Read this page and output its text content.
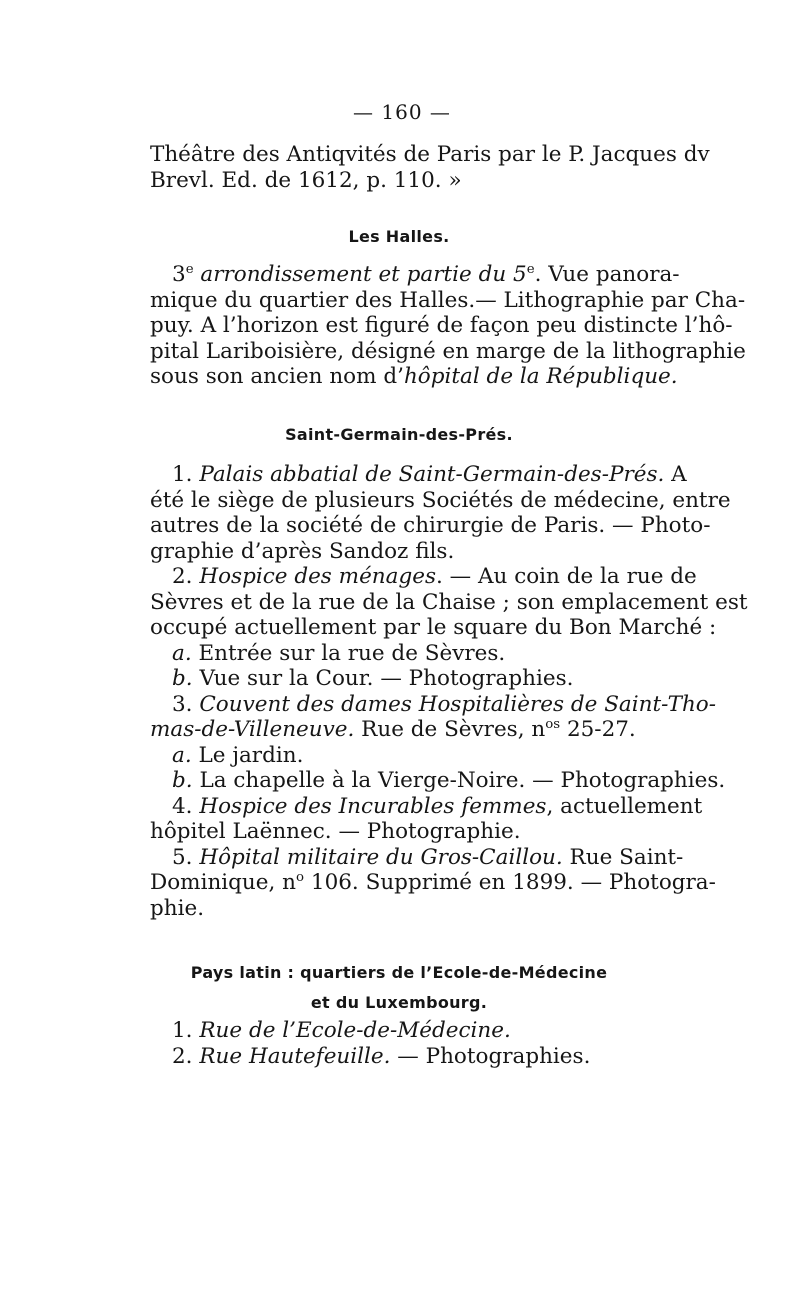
— 160 —
Théâtre des Antiqvités de Paris par le P. Jacques dv
Brevl. Ed. de 1612, p. 110. »
Les Halles.
3e arrondissement et partie du 5e. Vue panora-
mique du quartier des Halles.— Lithographie par Cha-
puy. A l’horizon est figuré de façon peu distincte l’hô-
pital Lariboisière, désigné en marge de la lithographie
sous son ancien nom d’hôpital de la République.
Saint-Germain-des-Prés.
1. Palais abbatial de Saint-Germain-des-Prés. A
été le siège de plusieurs Sociétés de médecine, entre
autres de la société de chirurgie de Paris. — Photo-
graphie d’après Sandoz fils.
2. Hospice des ménages. — Au coin de la rue de
Sèvres et de la rue de la Chaise ; son emplacement est
occupé actuellement par le square du Bon Marché :
a. Entrée sur la rue de Sèvres.
b. Vue sur la Cour. — Photographies.
3. Couvent des dames Hospitalières de Saint-Tho-
mas-de-Villeneuve. Rue de Sèvres, $n^{os}$ 25-27.
a. Le jardin.
b. La chapelle à la Vierge-Noire. — Photographies.
4. Hospice des Incurables femmes, actuellement
hôpitel Laënnec. — Photographie.
5. Hôpital militaire du Gros-Caillou. Rue Saint-
Dominique, $n^o$ 106. Supprimé en 1899. — Photogra-
phie.
Pays latin : quartiers de l’Ecole-de-Médecine
et du Luxembourg.
1. Rue de l’Ecole-de-Médecine.
2. Rue Hautefeuille. — Photographies.
